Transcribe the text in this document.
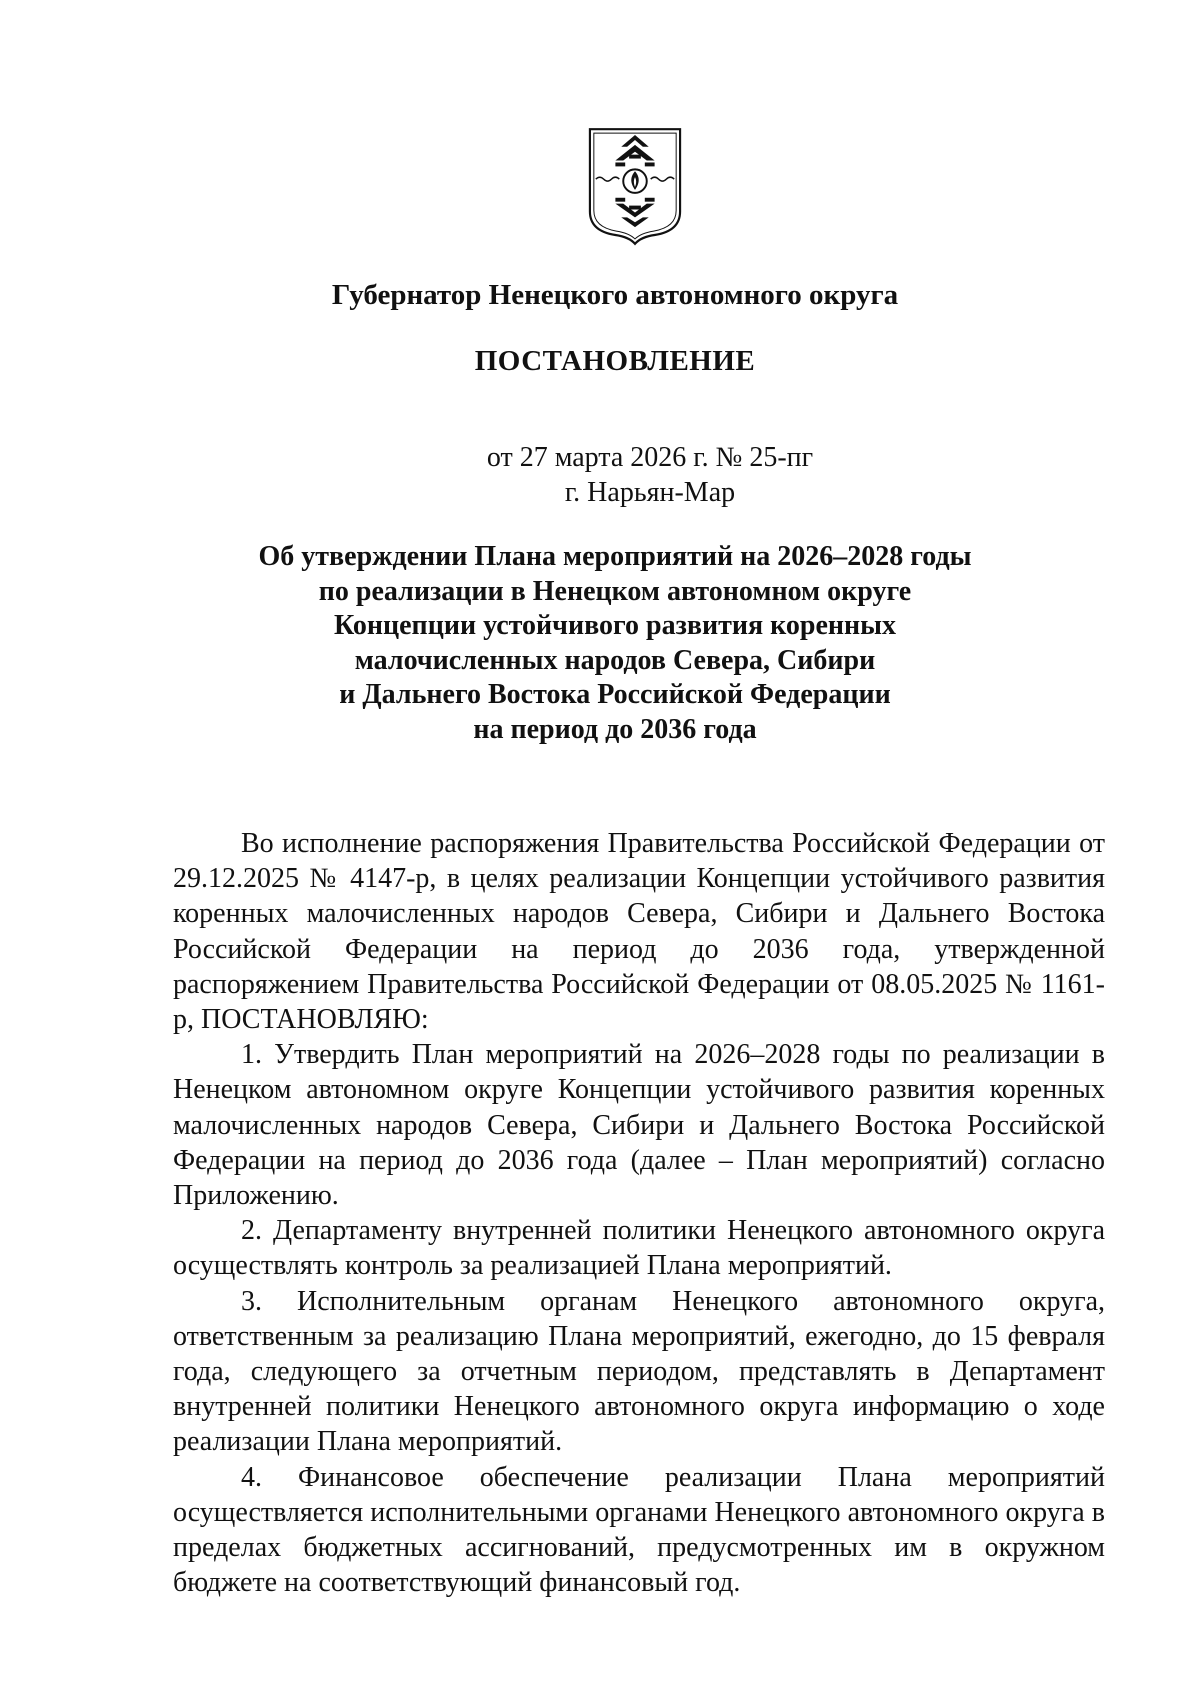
Губернатор Ненецкого автономного округа
ПОСТАНОВЛЕНИЕ
от 27 марта 2026 г. № 25-пг
г. Нарьян-Мар
Об утверждении Плана мероприятий на 2026–2028 годы
по реализации в Ненецком автономном округе
Концепции устойчивого развития коренных
малочисленных народов Севера, Сибири
и Дальнего Востока Российской Федерации
на период до 2036 года

Во исполнение распоряжения Правительства Российской Федерации от 29.12.2025 № 4147-р, в целях реализации Концепции устойчивого развития коренных малочисленных народов Севера, Сибири и Дальнего Востока Российской Федерации на период до 2036 года, утвержденной распоряжением Правительства Российской Федерации от 08.05.2025 № 1161-р, ПОСТАНОВЛЯЮ:

1. Утвердить План мероприятий на 2026–2028 годы по реализации в Ненецком автономном округе Концепции устойчивого развития коренных малочисленных народов Севера, Сибири и Дальнего Востока Российской Федерации на период до 2036 года (далее – План мероприятий) согласно Приложению.

2. Департаменту внутренней политики Ненецкого автономного округа осуществлять контроль за реализацией Плана мероприятий.

3. Исполнительным органам Ненецкого автономного округа, ответственным за реализацию Плана мероприятий, ежегодно, до 15 февраля года, следующего за отчетным периодом, представлять в Департамент внутренней политики Ненецкого автономного округа информацию о ходе реализации Плана мероприятий.

4. Финансовое обеспечение реализации Плана мероприятий осуществляется исполнительными органами Ненецкого автономного округа в пределах бюджетных ассигнований, предусмотренных им в окружном бюджете на соответствующий финансовый год.
